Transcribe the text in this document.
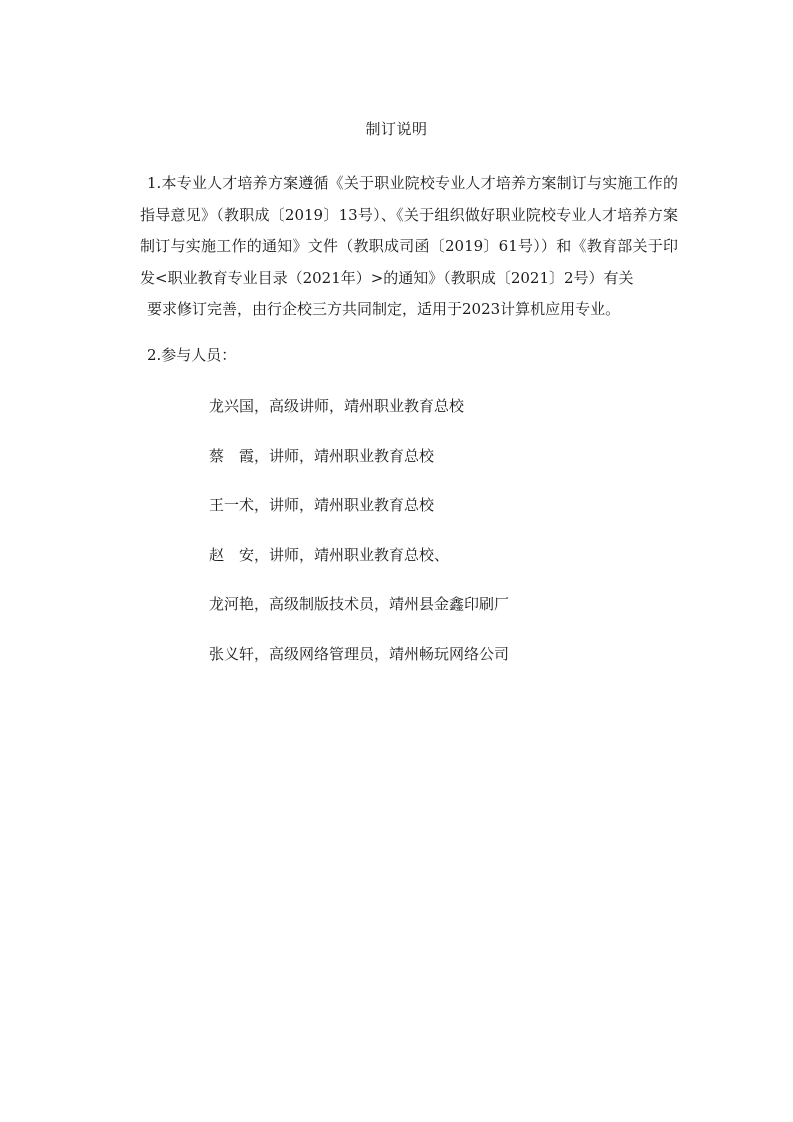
制订说明
1.本专业人才培养方案遵循《关于职业院校专业人才培养方案制订与实施工作的指导意见》（教职成〔2019〕13号）、《关于组织做好职业院校专业人才培养方案制订与实施工作的通知》文件（教职成司函〔2019〕61号））和《教育部关于印发<职业教育专业目录（2021年）>的通知》（教职成〔2021〕2号）有关
要求修订完善，由行企校三方共同制定，适用于2023计算机应用专业。
2.参与人员：
龙兴国，高级讲师，靖州职业教育总校
蔡　霞，讲师，靖州职业教育总校
王一术，讲师，靖州职业教育总校
赵　安，讲师，靖州职业教育总校、
龙河艳，高级制版技术员，靖州县金鑫印刷厂
张义轩，高级网络管理员，靖州畅玩网络公司
